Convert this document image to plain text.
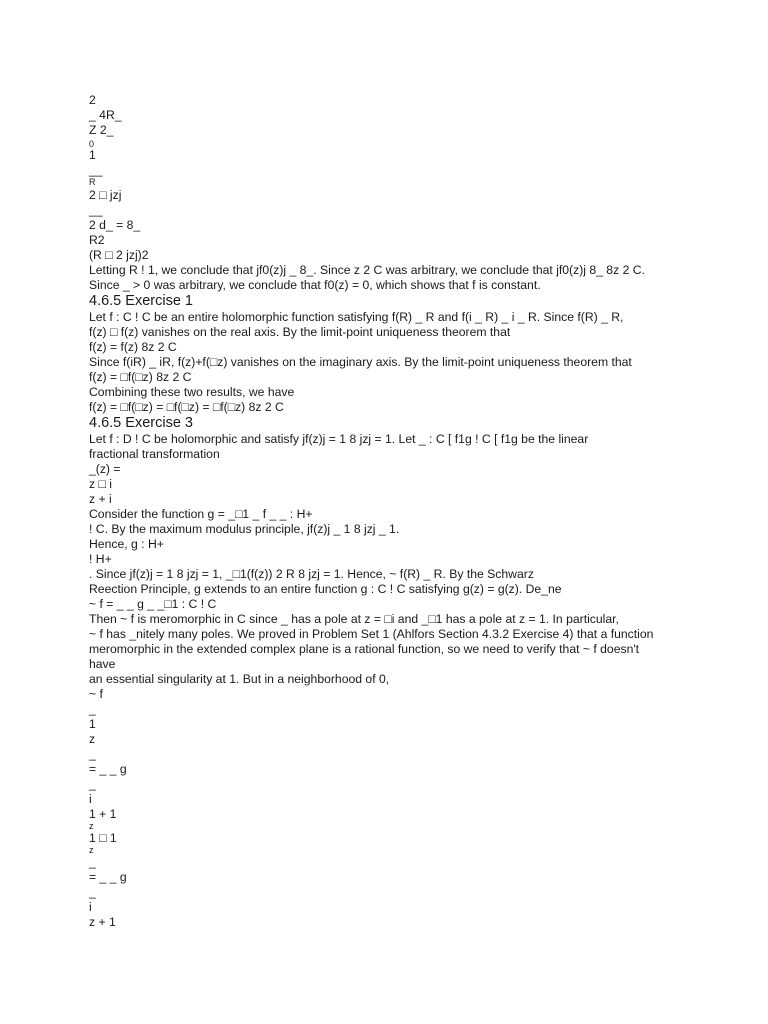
2
_ 4R_
Z 2_
0
1
__
R
2 □ jzj
__
2 d_ = 8_
R2
(R □ 2 jzj)2
Letting R ! 1, we conclude that jf0(z)j _ 8_. Since z 2 C was arbitrary, we conclude that jf0(z)j 8_ 8z 2 C.
Since _ > 0 was arbitrary, we conclude that f0(z) = 0, which shows that f is constant.
4.6.5 Exercise 1
Let f : C ! C be an entire holomorphic function satisfying f(R) _ R and f(i _ R) _ i _ R. Since f(R) _ R,
f(z) □ f(z) vanishes on the real axis. By the limit-point uniqueness theorem that
f(z) = f(z) 8z 2 C
Since f(iR) _ iR, f(z)+f(□z) vanishes on the imaginary axis. By the limit-point uniqueness theorem that
f(z) = □f(□z) 8z 2 C
Combining these two results, we have
f(z) = □f(□z) = □f(□z) = □f(□z) 8z 2 C
4.6.5 Exercise 3
Let f : D ! C be holomorphic and satisfy jf(z)j = 1 8 jzj = 1. Let _ : C [ f1g ! C [ f1g be the linear
fractional transformation
_(z) =
z □ i
z + i
Consider the function g = _□1 _ f _ _ : H+
! C. By the maximum modulus principle, jf(z)j _ 1 8 jzj _ 1.
Hence, g : H+
! H+
. Since jf(z)j = 1 8 jzj = 1, _□1(f(z)) 2 R 8 jzj = 1. Hence, ~ f(R) _ R. By the Schwarz
Reection Principle, g extends to an entire function g : C ! C satisfying g(z) = g(z). De_ne
~ f = _ _ g _ _□1 : C ! C
Then ~ f is meromorphic in C since _ has a pole at z = □i and _□1 has a pole at z = 1. In particular,
~ f has _nitely many poles. We proved in Problem Set 1 (Ahlfors Section 4.3.2 Exercise 4) that a function
meromorphic in the extended complex plane is a rational function, so we need to verify that ~ f doesn't
have
an essential singularity at 1. But in a neighborhood of 0,
~ f
_
1
z
_
= _ _ g
_
i
1 + 1
z
1 □ 1
z
_
= _ _ g
_
i
z + 1
